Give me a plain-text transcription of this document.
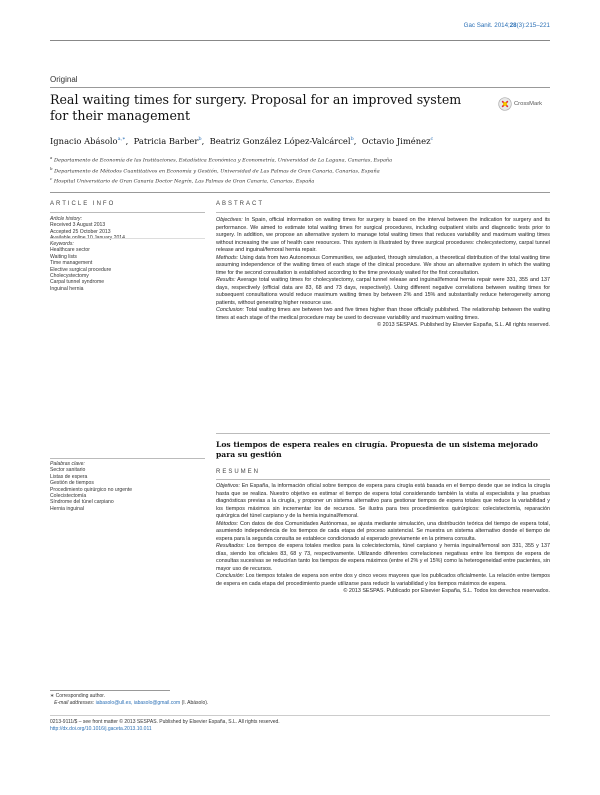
Gac Sanit. 2014;28(3):215–221
Original
Real waiting times for surgery. Proposal for an improved system for their management
CrossMark
Ignacio Abásolo$^{a,∗}$,  Patricia Barber$^b$,  Beatriz González López-Valcárcel$^b$,  Octavio Jiménez$^c$
$^a$ Departamento de Economía de las Instituciones, Estadística Económica y Econometría, Universidad de La Laguna, Canarias, España
$^b$ Departamento de Métodos Cuantitativos en Economía y Gestión, Universidad de Las Palmas de Gran Canaria, Canarias, España
$^c$ Hospital Universitario de Gran Canaria Doctor Negrín, Las Palmas de Gran Canaria, Canarias, España
ARTICLE INFO	ABSTRACT
Article history:
Received 3 August 2013
Accepted 25 October 2013
Keywords:
Healthcare sector
Waiting lists
Time management
Elective surgical procedure
Cholecystectomy
Carpal tunnel syndrome
Inguinal hernia

Objectives: In Spain, official information on waiting times for surgery is based on the interval between the indication for surgery and its performance. We aimed to estimate total waiting times for surgical procedures, including outpatient visits and diagnostic tests prior to surgery. In addition, we propose an alternative system to manage total waiting times that reduces variability and maximum waiting times without increasing the use of health care resources. This system is illustrated by three surgical procedures: cholecystectomy, carpal tunnel release and inguinal/femoral hernia repair.

Methods: Using data from two Autonomous Communities, we adjusted, through simulation, a theoretical distribution of the total waiting time assuming independence of the waiting times of each stage of the clinical procedure. We show an alternative system in which the waiting time for the second consultation is established according to the time previously waited for the first consultation.

Results: Average total waiting times for cholecystectomy, carpal tunnel release and inguinal/femoral hernia repair were 331, 355 and 137 days, respectively (official data are 83, 68 and 73 days, respectively). Using different negative correlations between waiting times for subsequent consultations would reduce maximum waiting times by between 2% and 15% and substantially reduce heterogeneity among patients, without generating higher resource use.

Conclusion: Total waiting times are between two and five times higher than those officially published. The relationship between the waiting times at each stage of the medical procedure may be used to decrease variability and maximum waiting times.

© 2013 SESPAS. Published by Elsevier España, S.L. All rights reserved.

Los tiempos de espera reales en cirugía. Propuesta de un sistema mejorado para su gestión
RESUMEN
Palabras clave:
Sector sanitario
Listas de espera
Gestión de tiempos
Procedimiento quirúrgico no urgente
Colecistectomía
Síndrome del túnel carpiano
Hernia inguinal

Objetivos: En España, la información oficial sobre tiempos de espera para cirugía está basada en el tiempo desde que se indica la cirugía hasta que se realiza. Nuestro objetivo es estimar el tiempo de espera total considerando también la visita al especialista y las pruebas diagnósticas previas a la cirugía, y proponer un sistema alternativo para gestionar tiempos de espera totales que reduce la variabilidad y los tiempos máximos sin incrementar los de recursos. Se ilustra para tres procedimientos quirúrgicos: colecistectomía, reparación quirúrgica del túnel carpiano y de la hernia inguinal/femoral.

Métodos: Con datos de dos Comunidades Autónomas, se ajusta mediante simulación, una distribución teórica del tiempo de espera total, asumiendo independencia de los tiempos de cada etapa del proceso asistencial. Se muestra un sistema alternativo donde el tiempo de espera para la segunda consulta se establece condicionado al esperado previamente en la primera consulta.

Resultados: Los tiempos de espera totales medios para la colecistectomía, túnel carpiano y hernia inguinal/femoral son 331, 355 y 137 días, siendo los oficiales 83, 68 y 73, respectivamente. Utilizando diferentes correlaciones negativas entre los tiempos de espera de consultas sucesivas se reducirían tanto los tiempos de espera máximos (entre el 2% y el 15%) como la heterogeneidad entre pacientes, sin mayor uso de recursos.

Conclusión: Los tiempos totales de espera son entre dos y cinco veces mayores que los publicados oficialmente. La relación entre tiempos de espera en cada etapa del procedimiento puede utilizarse para reducir la variabilidad y los tiempos máximos de espera.

© 2013 SESPAS. Publicado por Elsevier España, S.L. Todos los derechos reservados.

∗ Corresponding author.
E-mail addresses: iabasolo@ull.es, iabasolo@gmail.com (I. Abásolo).
0213-9111/$ – see front matter © 2013 SESPAS. Published by Elsevier España, S.L. All rights reserved.
http://dx.doi.org/10.1016/j.gaceta.2013.10.011
